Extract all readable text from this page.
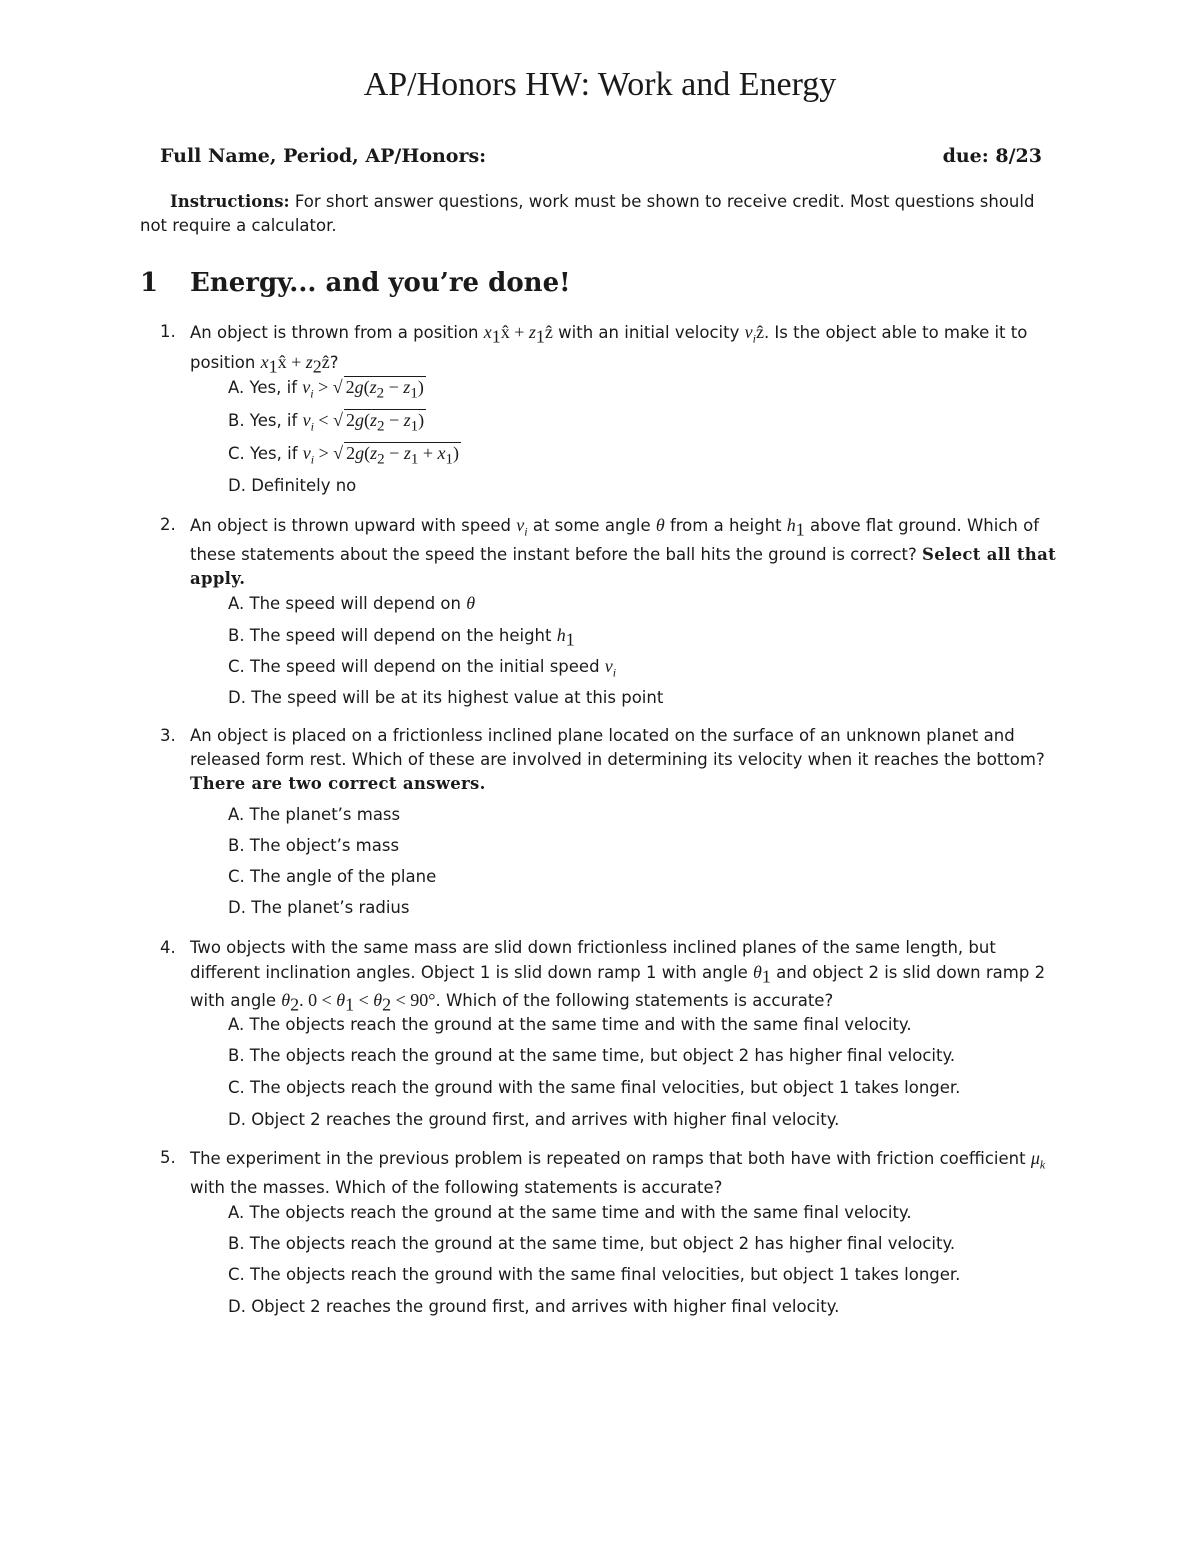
AP/Honors HW: Work and Energy
Full Name, Period, AP/Honors:	due: 8/23
Instructions: For short answer questions, work must be shown to receive credit. Most questions should not require a calculator.
1 Energy... and you’re done!
1. An object is thrown from a position $x_1x̂$ + $z_1ẑ$ with an initial velocity $v_iẑ$. Is the object able to make it to position $x_1x̂$ + $z_2ẑ$?
A. Yes, if $v_i$ > √ $2g(z_2 - z_1)$
B. Yes, if $v_i$ < √ $2g(z_2 - z_1)$
C. Yes, if $v_i$ > √ $2g(z_2 - z_1 + x_1)$
D. Definitely no
2. An object is thrown upward with speed $v_i$ at some angle θ from a height $h_1$ above flat ground. Which of these statements about the speed the instant before the ball hits the ground is correct? Select all that apply.
A. The speed will depend on θ
B. The speed will depend on the height $h_1$
C. The speed will depend on the initial speed $v_i$
D. The speed will be at its highest value at this point
3. An object is placed on a frictionless inclined plane located on the surface of an unknown planet and released form rest. Which of these are involved in determining its velocity when it reaches the bottom? There are two correct answers.
A. The planet’s mass
B. The object’s mass
C. The angle of the plane
D. The planet’s radius
4. Two objects with the same mass are slid down frictionless inclined planes of the same length, but different inclination angles. Object 1 is slid down ramp 1 with angle $\theta_1$ and object 2 is slid down ramp 2 with angle $\theta_2$. $0 < \theta_1 < \theta_2 < 90^\circ$. Which of the following statements is accurate?
A. The objects reach the ground at the same time and with the same final velocity.
B. The objects reach the ground at the same time, but object 2 has higher final velocity.
C. The objects reach the ground with the same final velocities, but object 1 takes longer.
D. Object 2 reaches the ground first, and arrives with higher final velocity.
5. The experiment in the previous problem is repeated on ramps that both have with friction coefficient $\mu_k$ with the masses. Which of the following statements is accurate?
A. The objects reach the ground at the same time and with the same final velocity.
B. The objects reach the ground at the same time, but object 2 has higher final velocity.
C. The objects reach the ground with the same final velocities, but object 1 takes longer.
D. Object 2 reaches the ground first, and arrives with higher final velocity.
